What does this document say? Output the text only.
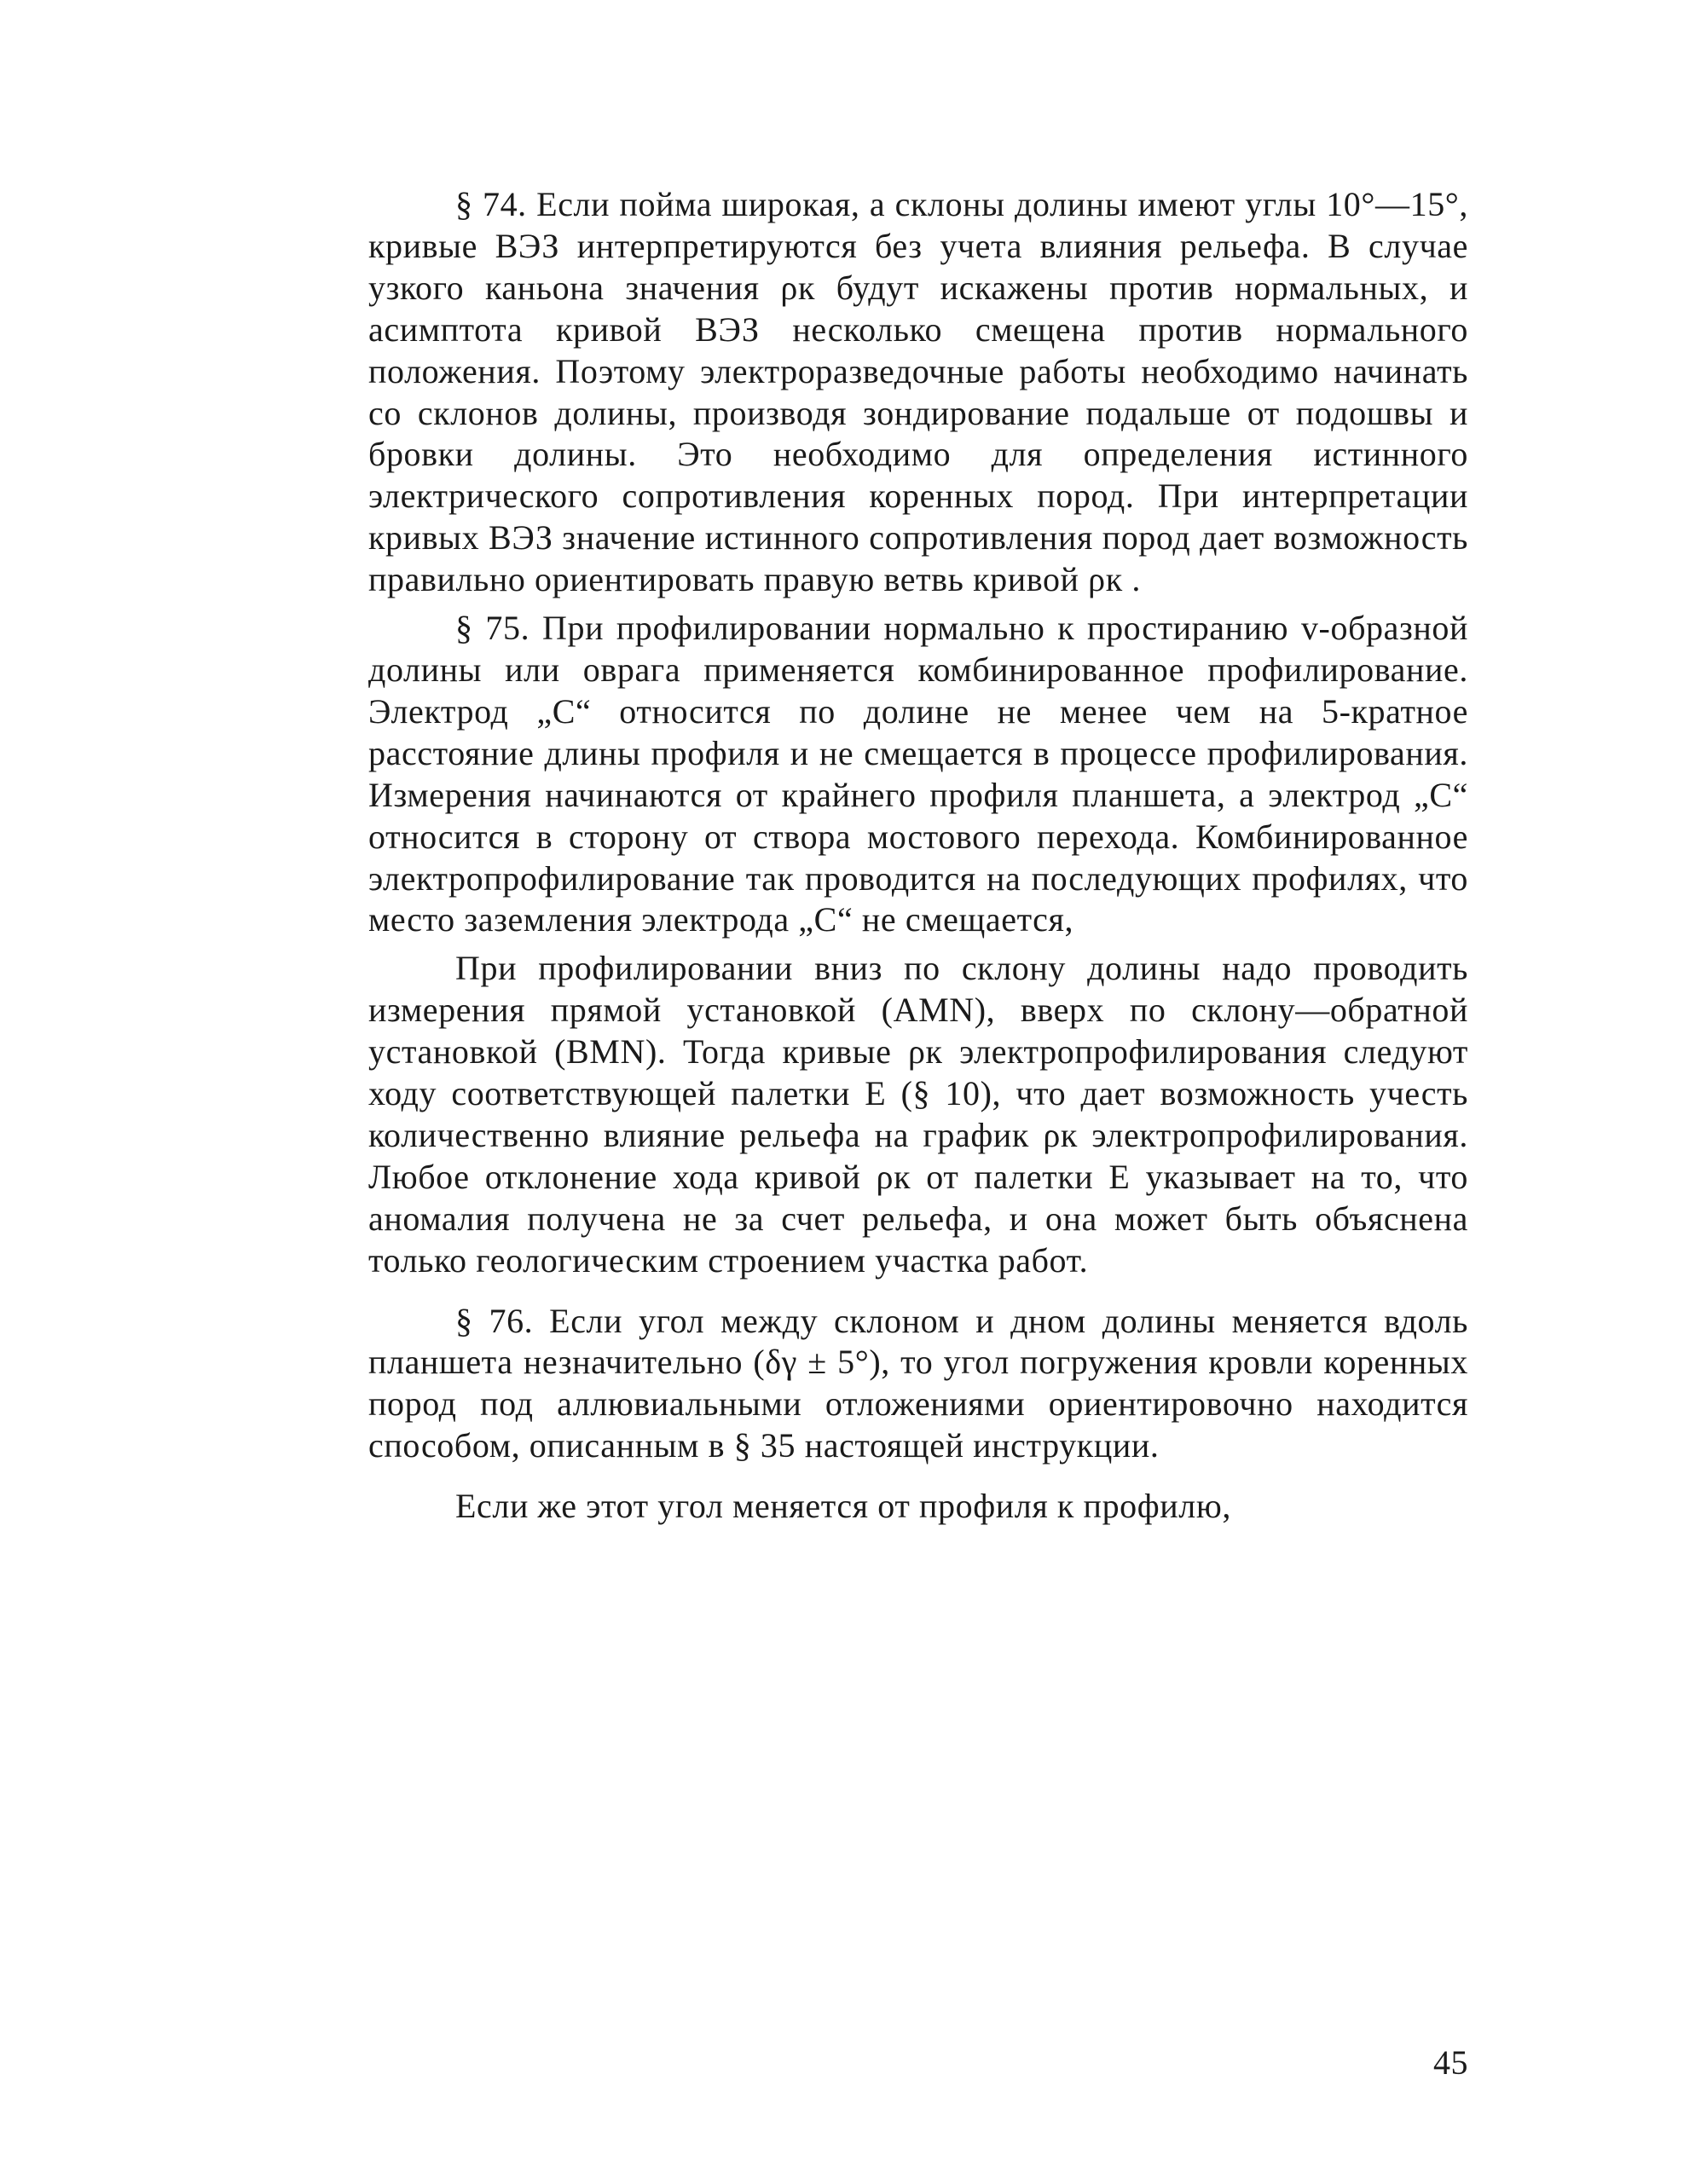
§ 74. Если пойма широкая, а склоны долины имеют углы 10°—15°, кривые ВЭЗ интерпретируются без учета влияния рельефа. В случае узкого каньона значения ρк будут искажены против нормальных, и асимптота кривой ВЭЗ несколько смещена против нормального положения. Поэтому электроразведочные работы необходимо начинать со склонов долины, производя зондирование подальше от подошвы и бровки долины. Это необходимо для определения истинного электрического сопротивления коренных пород. При интерпретации кривых ВЭЗ значение истинного сопротивления пород дает возможность правильно ориентировать правую ветвь кривой ρк .

§ 75. При профилировании нормально к простиранию v-образной долины или оврага применяется комбинированное профилирование. Электрод „С“ относится по долине не менее чем на 5-кратное расстояние длины профиля и не смещается в процессе профилирования. Измерения начинаются от крайнего профиля планшета, а электрод „С“ относится в сторону от створа мостового перехода. Комбинированное электропрофилирование так проводится на последующих профилях, что место заземления электрода „С“ не смещается,

При профилировании вниз по склону долины надо проводить измерения прямой установкой (АМN), вверх по склону—обратной установкой (ВМN). Тогда кривые ρк электропрофилирования следуют ходу соответствующей палетки Е (§ 10), что дает возможность учесть количественно влияние рельефа на график ρк электропрофилирования. Любое отклонение хода кривой ρк от палетки Е указывает на то, что аномалия получена не за счет рельефа, и она может быть объяснена только геологическим строением участка работ.

§ 76. Если угол между склоном и дном долины меняется вдоль планшета незначительно (δγ ± 5°), то угол погружения кровли коренных пород под аллювиальными отложениями ориентировочно находится способом, описанным в § 35 настоящей инструкции.

Если же этот угол меняется от профиля к профилю,

45
